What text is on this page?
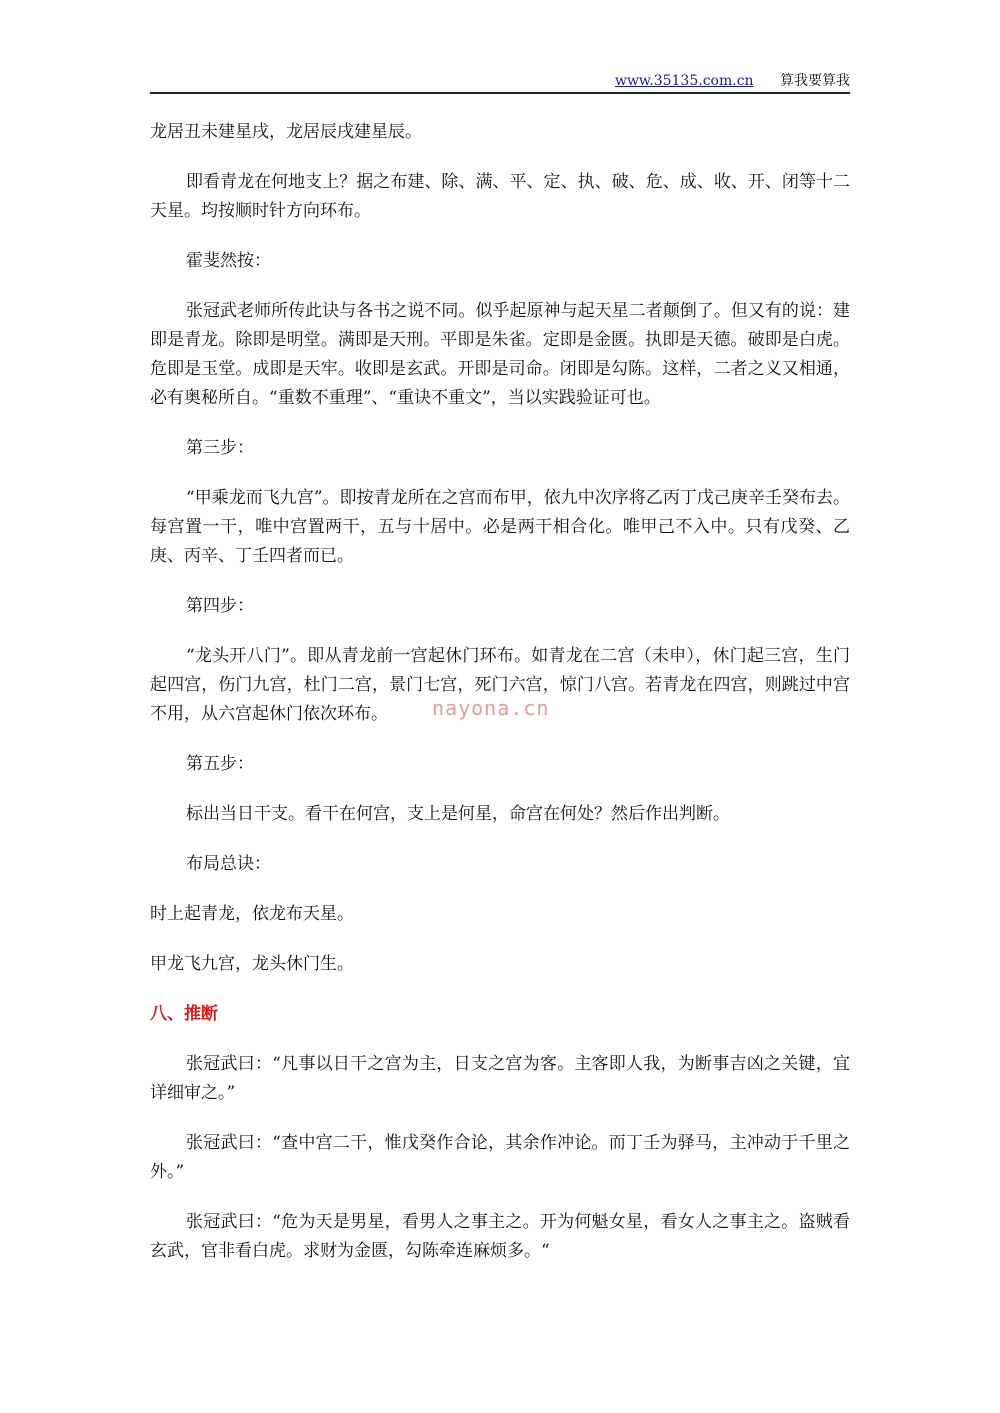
www.35135.com.cn 算我要算我

龙居丑未建星戌，龙居辰戌建星辰。

即看青龙在何地支上？据之布建、除、满、平、定、执、破、危、成、收、开、闭等十二天星。均按顺时针方向环布。

霍斐然按：

张冠武老师所传此诀与各书之说不同。似乎起原神与起天星二者颠倒了。但又有的说：建即是青龙。除即是明堂。满即是天刑。平即是朱雀。定即是金匮。执即是天德。破即是白虎。危即是玉堂。成即是天牢。收即是玄武。开即是司命。闭即是勾陈。这样，二者之义又相通，必有奥秘所自。“重数不重理”、“重诀不重文”，当以实践验证可也。

第三步：

“甲乘龙而飞九宫”。即按青龙所在之宫而布甲，依九中次序将乙丙丁戊己庚辛壬癸布去。每宫置一干，唯中宫置两干，五与十居中。必是两干相合化。唯甲己不入中。只有戊癸、乙庚、丙辛、丁壬四者而已。

第四步：

“龙头开八门”。即从青龙前一宫起休门环布。如青龙在二宫（未申），休门起三宫，生门起四宫，伤门九宫，杜门二宫，景门七宫，死门六宫，惊门八宫。若青龙在四宫，则跳过中宫不用，从六宫起休门依次环布。

第五步：

标出当日干支。看干在何宫，支上是何星，命宫在何处？然后作出判断。

布局总诀：

时上起青龙，依龙布天星。

甲龙飞九宫，龙头休门生。

八、推断

张冠武曰：“凡事以日干之宫为主，日支之宫为客。主客即人我，为断事吉凶之关键，宜详细审之。”

张冠武曰：“查中宫二干，惟戊癸作合论，其余作冲论。而丁壬为驿马，主冲动于千里之外。”

张冠武曰：“危为天是男星，看男人之事主之。开为何魁女星，看女人之事主之。盗贼看玄武，官非看白虎。求财为金匮，勾陈牵连麻烦多。“

nayona.cn
